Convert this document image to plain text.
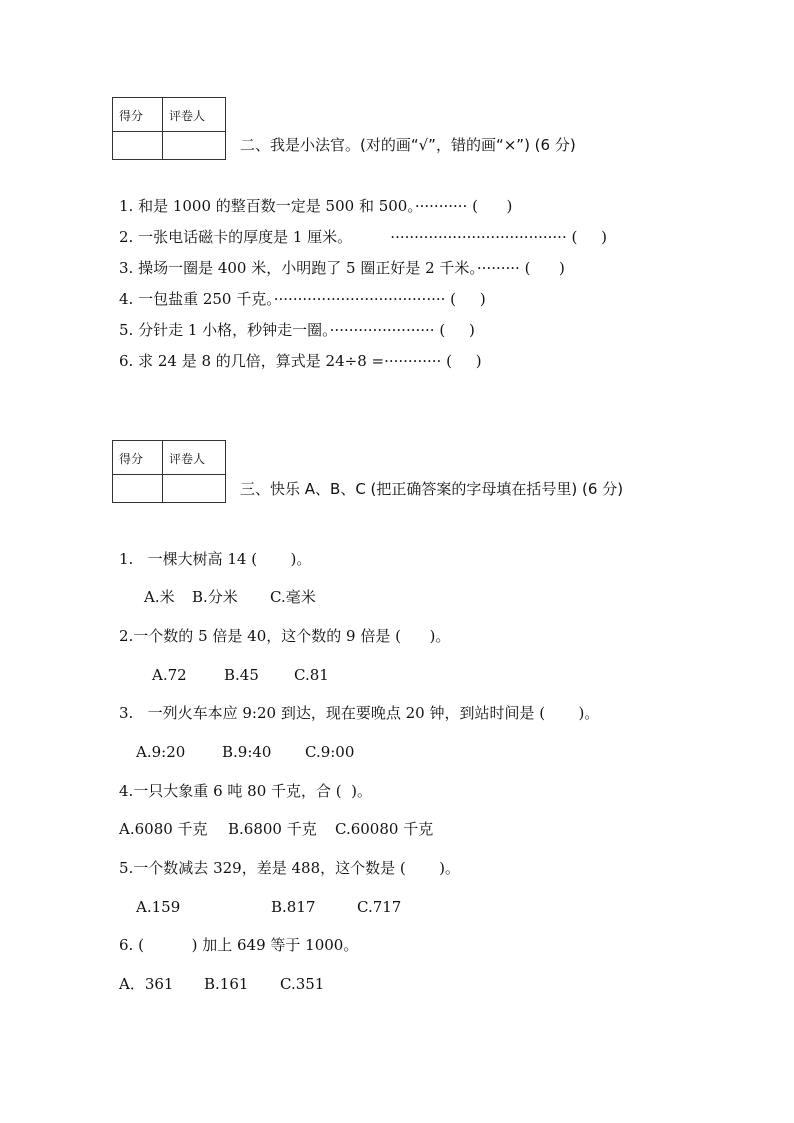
得分	评卷人
二、我是小法官。(对的画“√”，错的画“×”) (6 分)
1. 和是 1000 的整百数一定是 500 和 500。··········· (      )
2. 一张电话磁卡的厚度是 1 厘米。        ····································· (     )
3. 操场一圈是 400 米，小明跑了 5 圈正好是 2 千米。········· (      )
4. 一包盐重 250 千克。···································· (     )
5. 分针走 1 小格，秒钟走一圈。······················ (     )
6. 求 24 是 8 的几倍，算式是 24÷8 =············ (     )
得分	评卷人
三、快乐 A、B、C (把正确答案的字母填在括号里) (6 分)
1.   一棵大树高 14 (       )。
A.米 B.分米 C.毫米
2.一个数的 5 倍是 40，这个数的 9 倍是 (      )。
A.72 B.45 C.81
3.   一列火车本应 9:20 到达，现在要晚点 20 钟，到站时间是 (       )。
A.9:20 B.9:40 C.9:00
4.一只大象重 6 吨 80 千克，合 (  )。
A.6080 千克 B.6800 千克 C.60080 千克
5.一个数减去 329，差是 488，这个数是 (       )。
A.159	B.817	C.717
6. (          ) 加上 649 等于 1000。
A．361 B.161 C.351
